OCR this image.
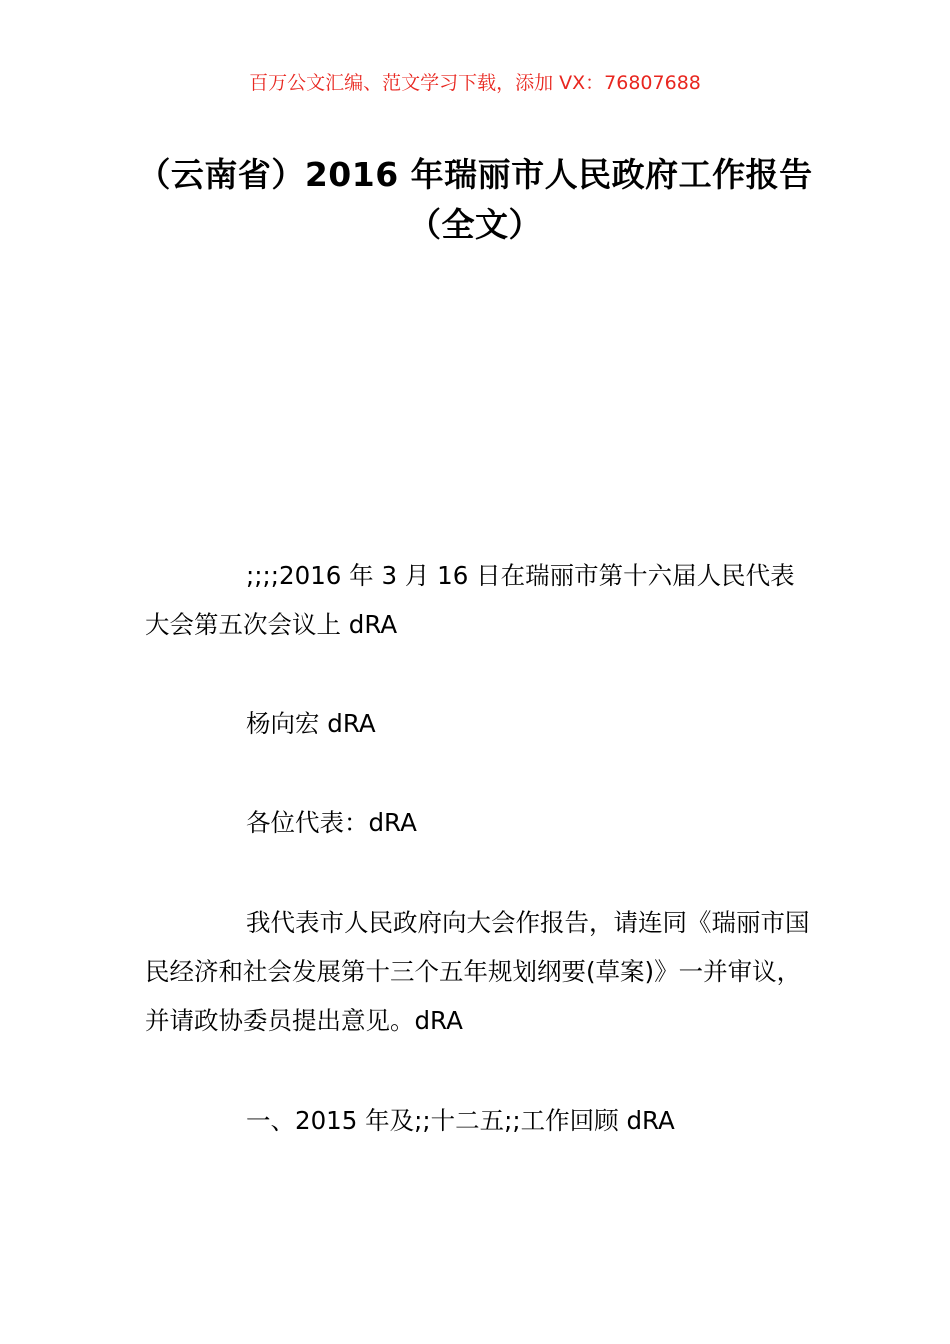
百万公文汇编、范文学习下载，添加 VX：76807688
（云南省）2016 年瑞丽市人民政府工作报告（全文）

;;;;2016 年 3 月 16 日在瑞丽市第十六届人民代表大会第五次会议上 dRA

杨向宏 dRA

各位代表：dRA

我代表市人民政府向大会作报告，请连同《瑞丽市国民经济和社会发展第十三个五年规划纲要(草案)》一并审议，并请政协委员提出意见。dRA

一、2015 年及;;十二五;;工作回顾 dRA
